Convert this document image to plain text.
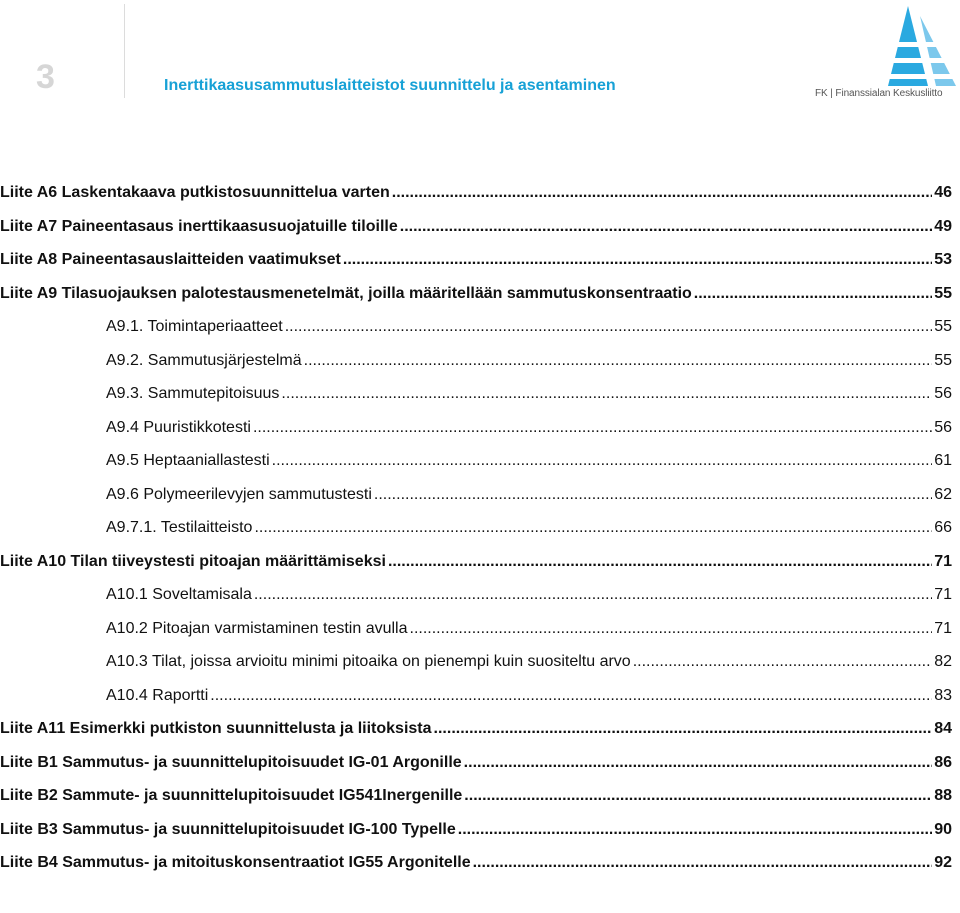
3	Inerttikaasusammutuslaitteistot suunnittelu ja asentaminen	FK | Finanssialan Keskusliitto
Liite A6 Laskentakaava putkistosuunnittelua varten .....	46
Liite A7 Paineentasaus inerttikaasusuojatuille tiloille .....	49
Liite A8 Paineentasauslaitteiden vaatimukset .....	53
Liite A9 Tilasuojauksen palotestausmenetelmät, joilla määritellään sammutuskonsentraatio .....	55
A9.1. Toimintaperiaatteet .....	55
A9.2. Sammutusjärjestelmä .....	55
A9.3. Sammutepitoisuus .....	56
A9.4 Puuristikkotesti .....	56
A9.5 Heptaaniallastesti .....	61
A9.6 Polymeerilevyjen sammutustesti .....	62
A9.7.1. Testilaitteisto .....	66
Liite A10 Tilan tiiveystesti pitoajan määrittämiseksi .....	71
A10.1 Soveltamisala .....	71
A10.2 Pitoajan varmistaminen testin avulla .....	71
A10.3 Tilat, joissa arvioitu minimi pitoaika on pienempi kuin suositeltu arvo .....	82
A10.4 Raportti .....	83
Liite A11 Esimerkki putkiston suunnittelusta ja liitoksista .....	84
Liite B1 Sammutus- ja suunnittelupitoisuudet IG-01 Argonille .....	86
Liite B2 Sammute- ja suunnittelupitoisuudet IG541Inergenille .....	88
Liite B3 Sammutus- ja suunnittelupitoisuudet IG-100 Typelle .....	90
Liite B4 Sammutus- ja mitoituskonsentraatiot IG55 Argonitelle .....	92
